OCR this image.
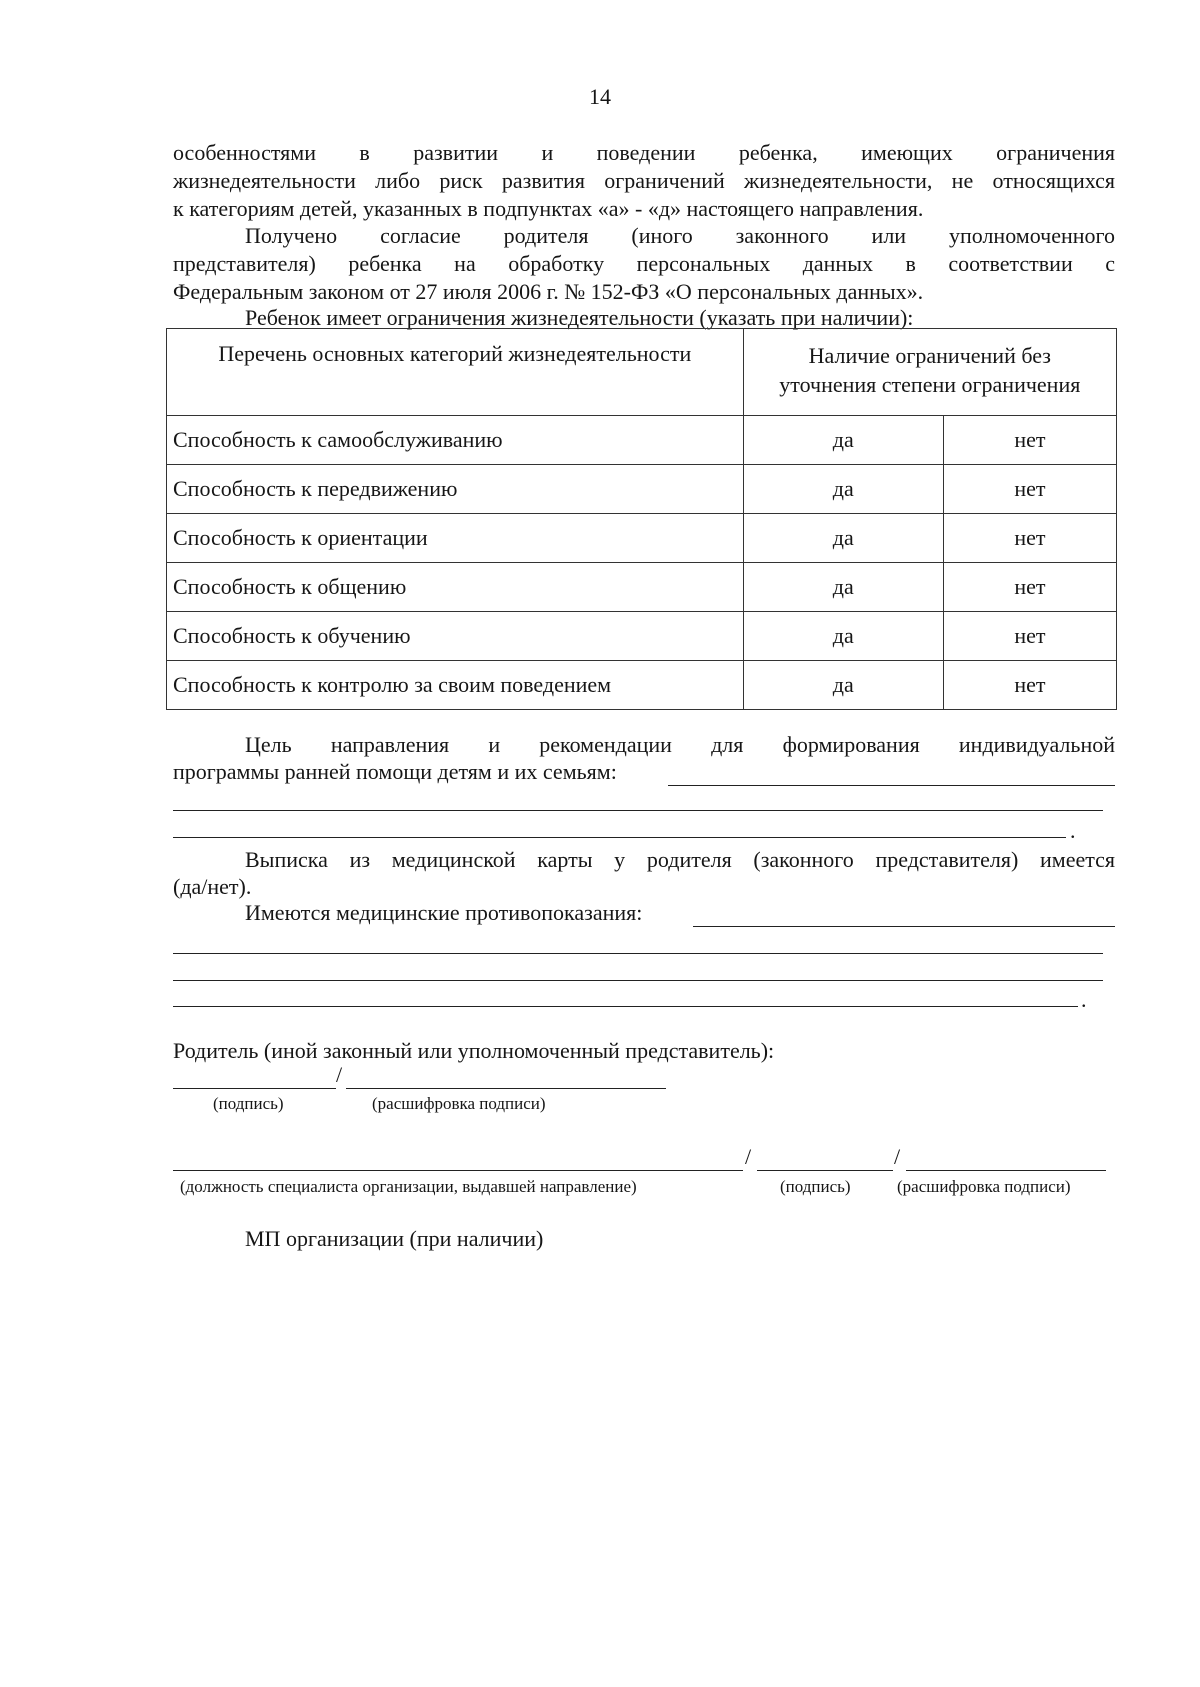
14

особенностями в развитии и поведении ребенка, имеющих ограничения

жизнедеятельности либо риск развития ограничений жизнедеятельности, не относящихся

к категориям детей, указанных в подпунктах «а» - «д» настоящего направления.

Получено согласие родителя (иного законного или уполномоченного

представителя) ребенка на обработку персональных данных в соответствии с

Федеральным законом от 27 июля 2006 г. № 152-ФЗ «О персональных данных».

Ребенок имеет ограничения жизнедеятельности (указать при наличии):

Перечень основных категорий жизнедеятельности	Наличие ограничений без
уточнения степени ограничения	
Способность к самообслуживанию	да	нет
Способность к передвижению	да	нет
Способность к ориентации	да	нет
Способность к общению	да	нет
Способность к обучению	да	нет
Способность к контролю за своим поведением	да	нет

Цель направления и рекомендации для формирования индивидуальной

программы ранней помощи детям и их семьям:
.

Выписка из медицинской карты у родителя (законного представителя) имеется

(да/нет).
Имеются медицинские противопоказания:
.
Родитель (иной законный или уполномоченный представитель):
/
(подпись)	(расшифровка подписи)
/	/
(должность специалиста организации, выдавшей направление)	(подпись)	(расшифровка подписи)
МП организации (при наличии)
